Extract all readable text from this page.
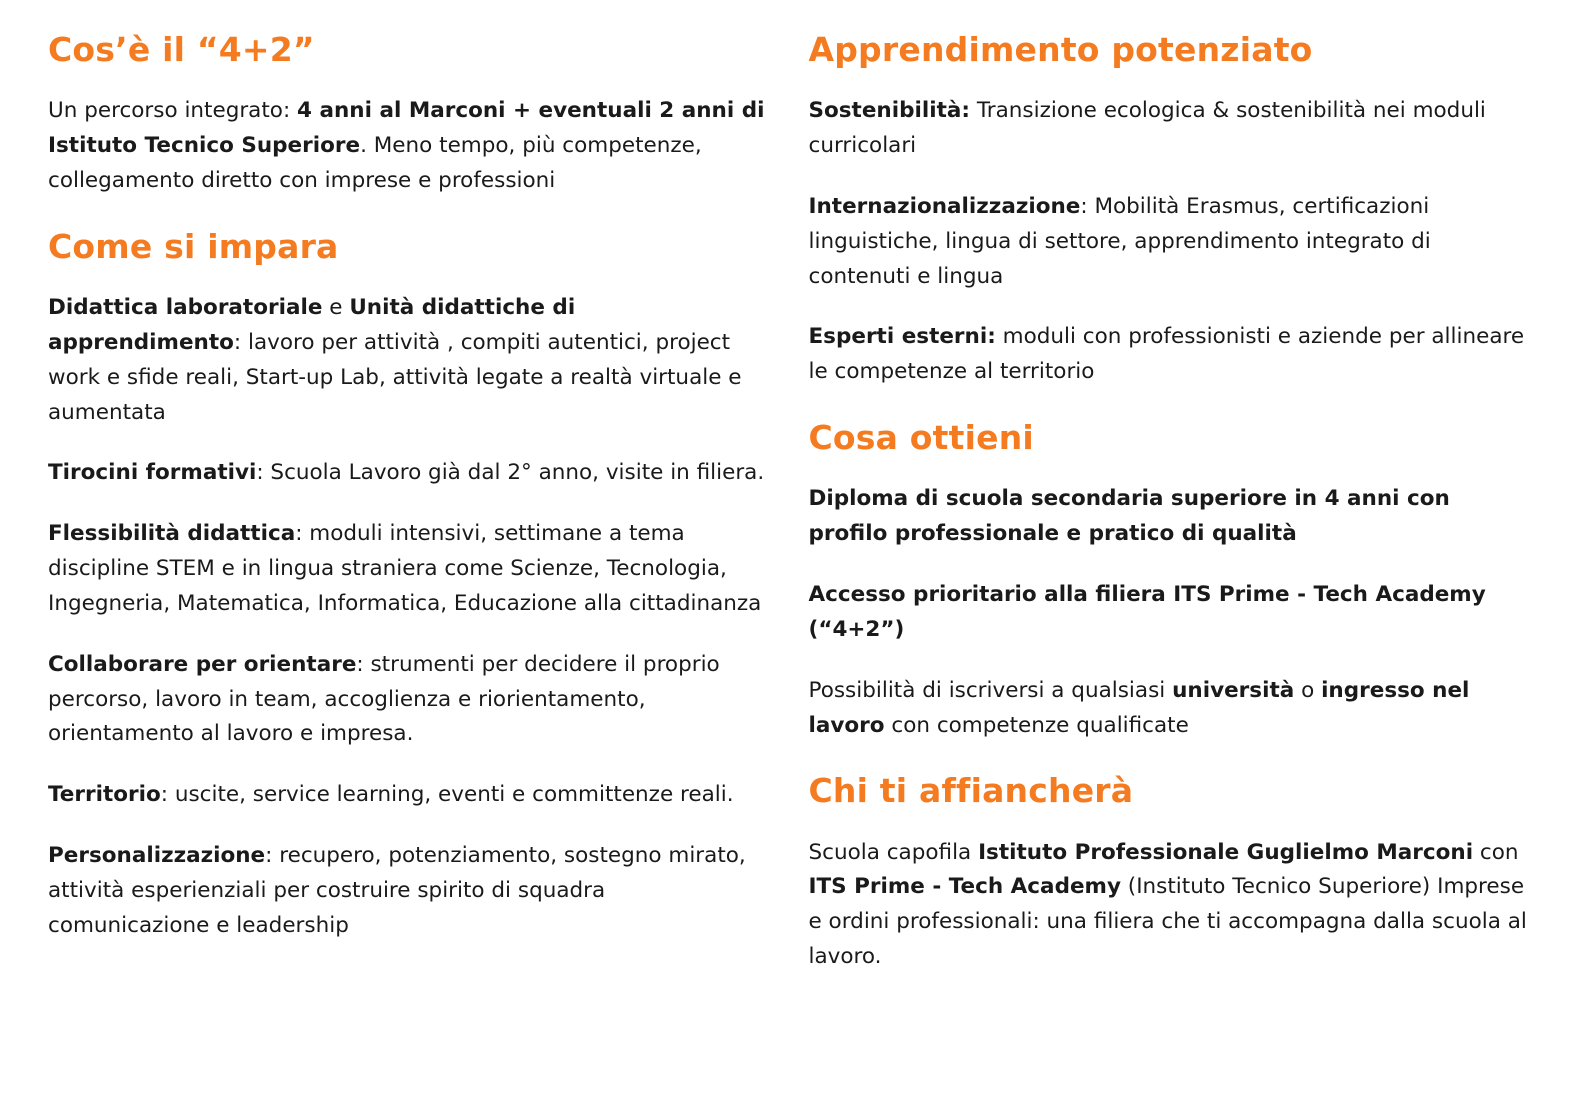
Cos’è il “4+2”

Un percorso integrato: 4 anni al Marconi + eventuali 2 anni di Istituto Tecnico Superiore. Meno tempo, più competenze, collegamento diretto con imprese e professioni

Come si impara

Didattica laboratoriale e Unità didattiche di apprendimento: lavoro per attività , compiti autentici, project work e sfide reali, Start-up Lab, attività legate a realtà virtuale e aumentata

Tirocini formativi: Scuola Lavoro già dal 2° anno, visite in filiera.

Flessibilità didattica: moduli intensivi, settimane a tema discipline STEM e in lingua straniera come Scienze, Tecnologia, Ingegneria, Matematica, Informatica, Educazione alla cittadinanza

Collaborare per orientare: strumenti per decidere il proprio percorso, lavoro in team, accoglienza e riorientamento, orientamento al lavoro e impresa.

Territorio: uscite, service learning, eventi e committenze reali.

Personalizzazione: recupero, potenziamento, sostegno mirato, attività esperienziali per costruire spirito di squadra comunicazione e leadership

Apprendimento potenziato

Sostenibilità: Transizione ecologica & sostenibilità nei moduli curricolari

Internazionalizzazione: Mobilità Erasmus, certificazioni linguistiche, lingua di settore, apprendimento integrato di contenuti e lingua

Esperti esterni: moduli con professionisti e aziende per allineare le competenze al territorio

Cosa ottieni

Diploma di scuola secondaria superiore in 4 anni con profilo professionale e pratico di qualità

Accesso prioritario alla filiera ITS Prime - Tech Academy (“4+2”)

Possibilità di iscriversi a qualsiasi università o ingresso nel lavoro con competenze qualificate

Chi ti affiancherà

Scuola capofila Istituto Professionale Guglielmo Marconi con ITS Prime - Tech Academy (Instituto Tecnico Superiore) Imprese e ordini professionali: una filiera che ti accompagna dalla scuola al lavoro.
